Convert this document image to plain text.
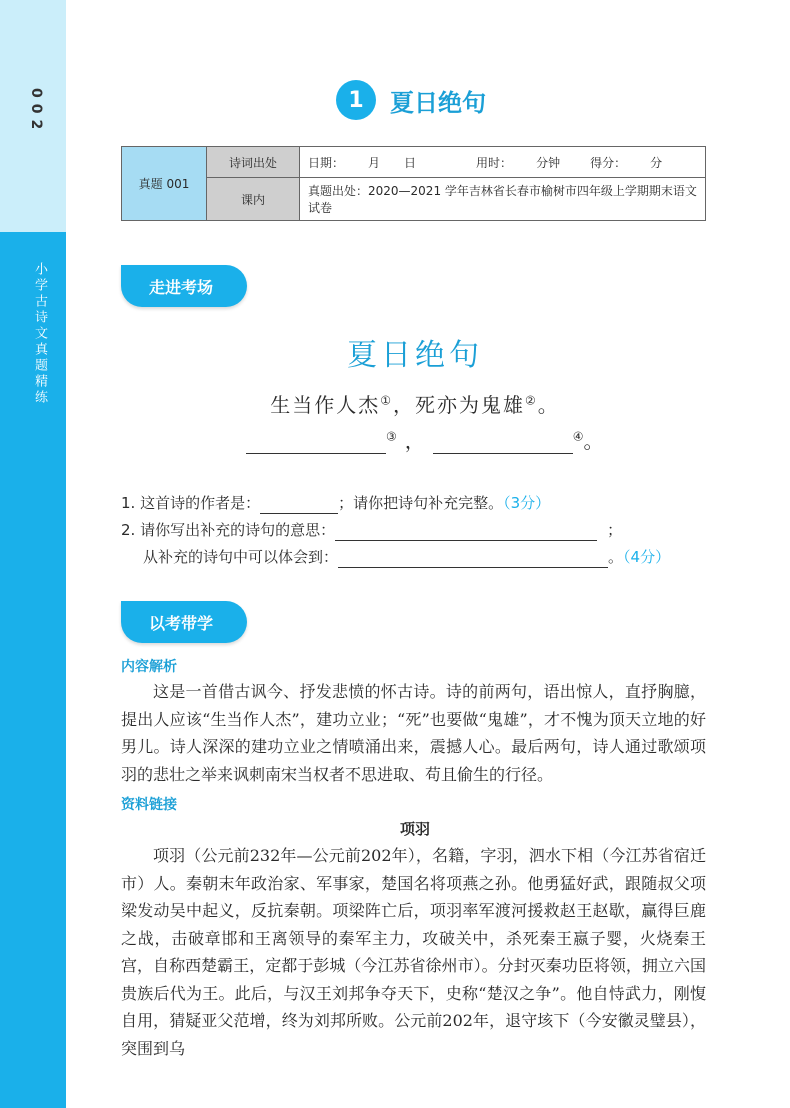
002
小学古诗文真题精练
1	夏日绝句
真题 001	诗词出处	日期： 月 日 用时： 分钟 得分： 分
	课内	真题出处：2020—2021 学年吉林省长春市榆树市四年级上学期期末语文试卷
走进考场
夏日绝句
生当作人杰①，死亦为鬼雄②。
③ ，	④。
1. 这首诗的作者是：	；请你把诗句补充完整。（3分）
2. 请你写出补充的诗句的意思：	；
从补充的诗句中可以体会到：	。（4分）
以考带学
内容解析

这是一首借古讽今、抒发悲愤的怀古诗。诗的前两句，语出惊人，直抒胸臆，提出人应该“生当作人杰”，建功立业；“死”也要做“鬼雄”，才不愧为顶天立地的好男儿。诗人深深的建功立业之情喷涌出来，震撼人心。最后两句，诗人通过歌颂项羽的悲壮之举来讽刺南宋当权者不思进取、苟且偷生的行径。

资料链接
项羽

项羽（公元前232年—公元前202年），名籍，字羽，泗水下相（今江苏省宿迁市）人。秦朝末年政治家、军事家，楚国名将项燕之孙。他勇猛好武，跟随叔父项梁发动吴中起义，反抗秦朝。项梁阵亡后，项羽率军渡河援救赵王赵歇，赢得巨鹿之战，击破章邯和王离领导的秦军主力，攻破关中，杀死秦王嬴子婴，火烧秦王宫，自称西楚霸王，定都于彭城（今江苏省徐州市）。分封灭秦功臣将领，拥立六国贵族后代为王。此后，与汉王刘邦争夺天下，史称“楚汉之争”。他自恃武力，刚愎自用，猜疑亚父范增，终为刘邦所败。公元前202年，退守垓下（今安徽灵璧县），突围到乌
